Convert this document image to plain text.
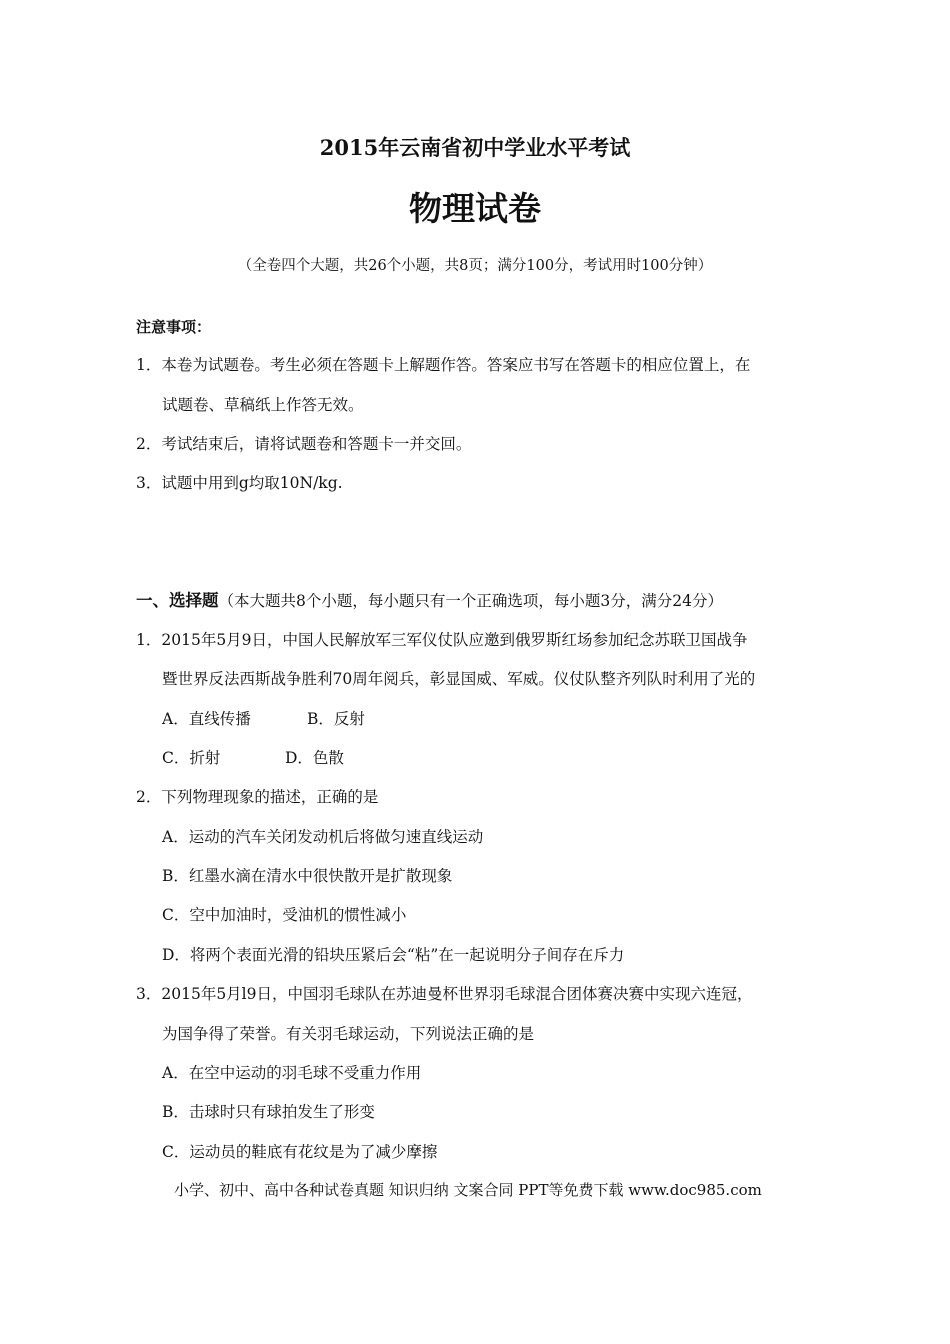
2015年云南省初中学业水平考试
物理试卷
（全卷四个大题，共26个小题，共8页；满分100分，考试用时100分钟）
注意事项：
1．本卷为试题卷。考生必须在答题卡上解题作答。答案应书写在答题卡的相应位置上，在
试题卷、草稿纸上作答无效。
2．考试结束后，请将试题卷和答题卡一并交回。
3．试题中用到g均取10N/kg.
一、选择题（本大题共8个小题，每小题只有一个正确选项，每小题3分，满分24分）
1．2015年5月9日，中国人民解放军三军仪仗队应邀到俄罗斯红场参加纪念苏联卫国战争
暨世界反法西斯战争胜利70周年阅兵，彰显国威、军威。仪仗队整齐列队时利用了光的
A．直线传播	B．反射
C．折射	D．色散
2．下列物理现象的描述，正确的是
A．运动的汽车关闭发动机后将做匀速直线运动
B．红墨水滴在清水中很快散开是扩散现象
C．空中加油时，受油机的惯性减小
D．将两个表面光滑的铅块压紧后会“粘”在一起说明分子间存在斥力
3．2015年5月l9日，中国羽毛球队在苏迪曼杯世界羽毛球混合团体赛决赛中实现六连冠，
为国争得了荣誉。有关羽毛球运动，下列说法正确的是
A．在空中运动的羽毛球不受重力作用
B．击球时只有球拍发生了形变
C．运动员的鞋底有花纹是为了减少摩擦
小学、初中、高中各种试卷真题 知识归纳 文案合同 PPT等免费下载 www.doc985.com
